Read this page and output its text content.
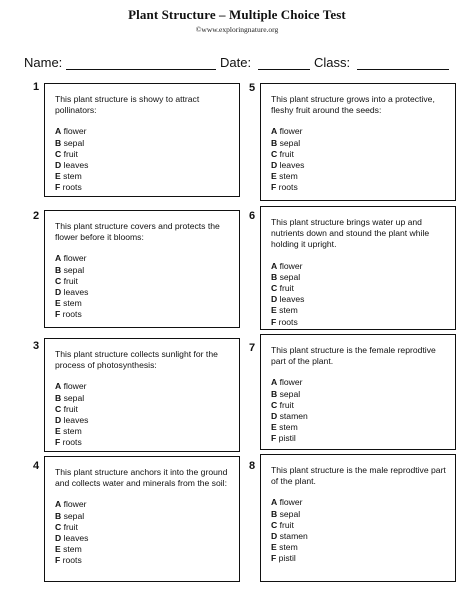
Plant Structure – Multiple Choice Test
©www.exploringnature.org
Name:	Date:	Class:
1
This plant structure is showy to attract pollinators:
A flower
B sepal
C fruit
D leaves
E stem
F roots
2
This plant structure covers and protects the flower before it blooms:
A flower
B sepal
C fruit
D leaves
E stem
F roots
3
This plant structure collects sunlight for the process of photosynthesis:
A flower
B sepal
C fruit
D leaves
E stem
F roots
4 This plant structure anchors it into the ground and collects water and minerals from the soil:
A flower
B sepal
C fruit
D leaves
E stem
F roots
5
This plant structure grows into a protective, fleshy fruit around the seeds:
A flower
B sepal
C fruit
D leaves
E stem
F roots
6 This plant structure brings water up and nutrients down and stound the plant while holding it upright.
A flower
B sepal
C fruit
D leaves
E stem
F roots
7 This plant structure is the female reprodtive part of the plant.
A flower
B sepal
C fruit
D stamen
E stem
F pistil
8 This plant structure is the male reprodtive part of the plant.
A flower
B sepal
C fruit
D stamen
E stem
F pistil
